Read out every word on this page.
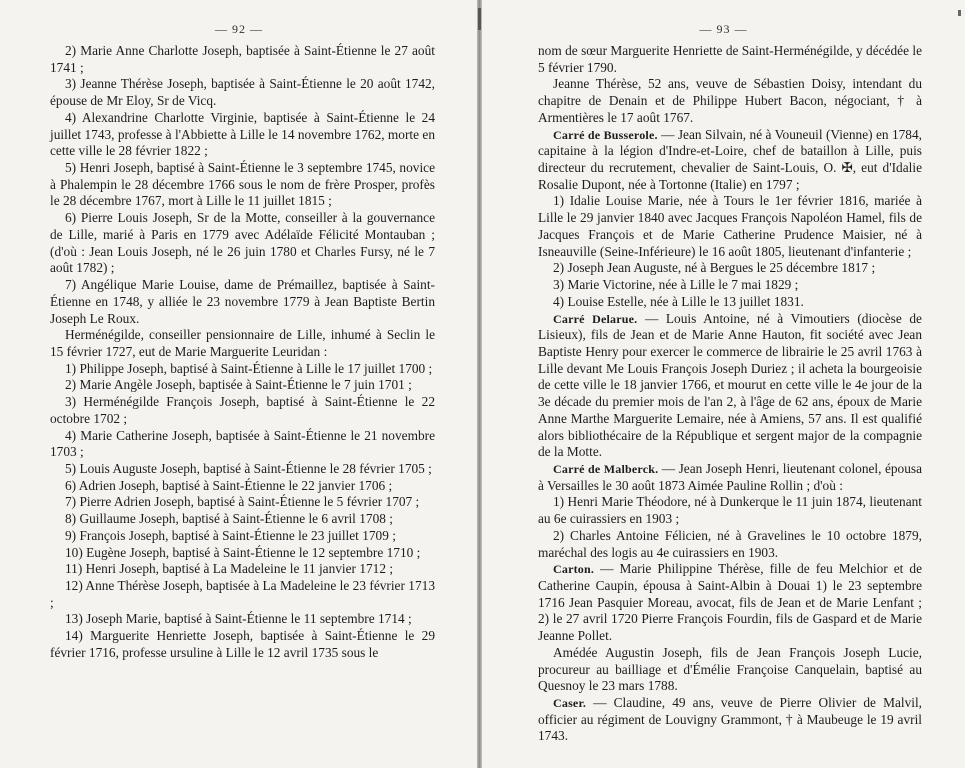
— 92 —

2) Marie Anne Charlotte Joseph, baptisée à Saint-Étienne le 27 août 1741 ;

3) Jeanne Thérèse Joseph, baptisée à Saint-Étienne le 20 août 1742, épouse de Mr Eloy, Sr de Vicq.

4) Alexandrine Charlotte Virginie, baptisée à Saint-Étienne le 24 juillet 1743, professe à l'Abbiette à Lille le 14 novembre 1762, morte en cette ville le 28 février 1822 ;

5) Henri Joseph, baptisé à Saint-Étienne le 3 septembre 1745, novice à Phalempin le 28 décembre 1766 sous le nom de frère Prosper, profès le 28 décembre 1767, mort à Lille le 11 juillet 1815 ;

6) Pierre Louis Joseph, Sr de la Motte, conseiller à la gouvernance de Lille, marié à Paris en 1779 avec Adélaïde Félicité Montauban ; (d'où : Jean Louis Joseph, né le 26 juin 1780 et Charles Fursy, né le 7 août 1782) ;

7) Angélique Marie Louise, dame de Prémaillez, baptisée à Saint-Étienne en 1748, y alliée le 23 novembre 1779 à Jean Baptiste Bertin Joseph Le Roux.

Herménégilde, conseiller pensionnaire de Lille, inhumé à Seclin le 15 février 1727, eut de Marie Marguerite Leuridan :

1) Philippe Joseph, baptisé à Saint-Étienne à Lille le 17 juillet 1700 ;

2) Marie Angèle Joseph, baptisée à Saint-Étienne le 7 juin 1701 ;

3) Herménégilde François Joseph, baptisé à Saint-Étienne le 22 octobre 1702 ;

4) Marie Catherine Joseph, baptisée à Saint-Étienne le 21 novembre 1703 ;

5) Louis Auguste Joseph, baptisé à Saint-Étienne le 28 février 1705 ;

6) Adrien Joseph, baptisé à Saint-Étienne le 22 janvier 1706 ;

7) Pierre Adrien Joseph, baptisé à Saint-Étienne le 5 février 1707 ;

8) Guillaume Joseph, baptisé à Saint-Étienne le 6 avril 1708 ;

9) François Joseph, baptisé à Saint-Étienne le 23 juillet 1709 ;

10) Eugène Joseph, baptisé à Saint-Étienne le 12 septembre 1710 ;

11) Henri Joseph, baptisé à La Madeleine le 11 janvier 1712 ;

12) Anne Thérèse Joseph, baptisée à La Madeleine le 23 février 1713 ;

13) Joseph Marie, baptisé à Saint-Étienne le 11 septembre 1714 ;

14) Marguerite Henriette Joseph, baptisée à Saint-Étienne le 29 février 1716, professe ursuline à Lille le 12 avril 1735 sous le

— 93 —

nom de sœur Marguerite Henriette de Saint-Herménégilde, y décédée le 5 février 1790.

Jeanne Thérèse, 52 ans, veuve de Sébastien Doisy, intendant du chapitre de Denain et de Philippe Hubert Bacon, négociant, † à Armentières le 17 août 1767.

Carré de Busserole. — Jean Silvain, né à Vouneuil (Vienne) en 1784, capitaine à la légion d'Indre-et-Loire, chef de bataillon à Lille, puis directeur du recrutement, chevalier de Saint-Louis, O. ✠, eut d'Idalie Rosalie Dupont, née à Tortonne (Italie) en 1797 ;

1) Idalie Louise Marie, née à Tours le 1er février 1816, mariée à Lille le 29 janvier 1840 avec Jacques François Napoléon Hamel, fils de Jacques François et de Marie Catherine Prudence Maisier, né à Isneauville (Seine-Inférieure) le 16 août 1805, lieutenant d'infanterie ;

2) Joseph Jean Auguste, né à Bergues le 25 décembre 1817 ;

3) Marie Victorine, née à Lille le 7 mai 1829 ;

4) Louise Estelle, née à Lille le 13 juillet 1831.

Carré Delarue. — Louis Antoine, né à Vimoutiers (diocèse de Lisieux), fils de Jean et de Marie Anne Hauton, fit société avec Jean Baptiste Henry pour exercer le commerce de librairie le 25 avril 1763 à Lille devant Me Louis François Joseph Duriez ; il acheta la bourgeoisie de cette ville le 18 janvier 1766, et mourut en cette ville le 4e jour de la 3e décade du premier mois de l'an 2, à l'âge de 62 ans, époux de Marie Anne Marthe Marguerite Lemaire, née à Amiens, 57 ans. Il est qualifié alors bibliothécaire de la République et sergent major de la compagnie de la Motte.

Carré de Malberck. — Jean Joseph Henri, lieutenant colonel, épousa à Versailles le 30 août 1873 Aimée Pauline Rollin ; d'où :

1) Henri Marie Théodore, né à Dunkerque le 11 juin 1874, lieutenant au 6e cuirassiers en 1903 ;

2) Charles Antoine Félicien, né à Gravelines le 10 octobre 1879, maréchal des logis au 4e cuirassiers en 1903.

Carton. — Marie Philippine Thérèse, fille de feu Melchior et de Catherine Caupin, épousa à Saint-Albin à Douai 1) le 23 septembre 1716 Jean Pasquier Moreau, avocat, fils de Jean et de Marie Lenfant ; 2) le 27 avril 1720 Pierre François Fourdin, fils de Gaspard et de Marie Jeanne Pollet.

Amédée Augustin Joseph, fils de Jean François Joseph Lucie, procureur au bailliage et d'Émélie Françoise Canquelain, baptisé au Quesnoy le 23 mars 1788.

Caser. — Claudine, 49 ans, veuve de Pierre Olivier de Malvil, officier au régiment de Louvigny Grammont, † à Maubeuge le 19 avril 1743.
